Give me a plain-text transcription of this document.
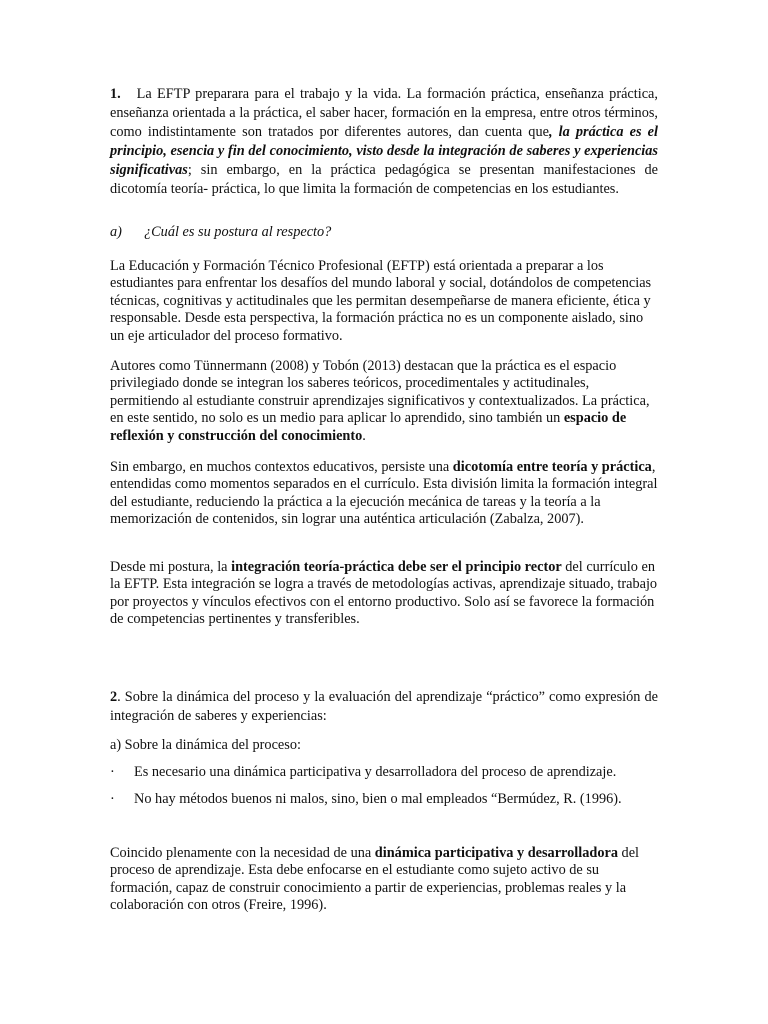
1. La EFTP preparara para el trabajo y la vida. La formación práctica, enseñanza práctica, enseñanza orientada a la práctica, el saber hacer, formación en la empresa, entre otros términos, como indistintamente son tratados por diferentes autores, dan cuenta que, la práctica es el principio, esencia y fin del conocimiento, visto desde la integración de saberes y experiencias significativas; sin embargo, en la práctica pedagógica se presentan manifestaciones de dicotomía teoría- práctica, lo que limita la formación de competencias en los estudiantes.

a) ¿Cuál es su postura al respecto?

La Educación y Formación Técnico Profesional (EFTP) está orientada a preparar a los estudiantes para enfrentar los desafíos del mundo laboral y social, dotándolos de competencias técnicas, cognitivas y actitudinales que les permitan desempeñarse de manera eficiente, ética y responsable. Desde esta perspectiva, la formación práctica no es un componente aislado, sino un eje articulador del proceso formativo.

Autores como Tünnermann (2008) y Tobón (2013) destacan que la práctica es el espacio privilegiado donde se integran los saberes teóricos, procedimentales y actitudinales, permitiendo al estudiante construir aprendizajes significativos y contextualizados. La práctica, en este sentido, no solo es un medio para aplicar lo aprendido, sino también un espacio de reflexión y construcción del conocimiento.

Sin embargo, en muchos contextos educativos, persiste una dicotomía entre teoría y práctica, entendidas como momentos separados en el currículo. Esta división limita la formación integral del estudiante, reduciendo la práctica a la ejecución mecánica de tareas y la teoría a la memorización de contenidos, sin lograr una auténtica articulación (Zabalza, 2007).

Desde mi postura, la integración teoría-práctica debe ser el principio rector del currículo en la EFTP. Esta integración se logra a través de metodologías activas, aprendizaje situado, trabajo por proyectos y vínculos efectivos con el entorno productivo. Solo así se favorece la formación de competencias pertinentes y transferibles.

2. Sobre la dinámica del proceso y la evaluación del aprendizaje “práctico” como expresión de integración de saberes y experiencias:

a) Sobre la dinámica del proceso:

· Es necesario una dinámica participativa y desarrolladora del proceso de aprendizaje.

· No hay métodos buenos ni malos, sino, bien o mal empleados “Bermúdez, R. (1996).

Coincido plenamente con la necesidad de una dinámica participativa y desarrolladora del proceso de aprendizaje. Esta debe enfocarse en el estudiante como sujeto activo de su formación, capaz de construir conocimiento a partir de experiencias, problemas reales y la colaboración con otros (Freire, 1996).
